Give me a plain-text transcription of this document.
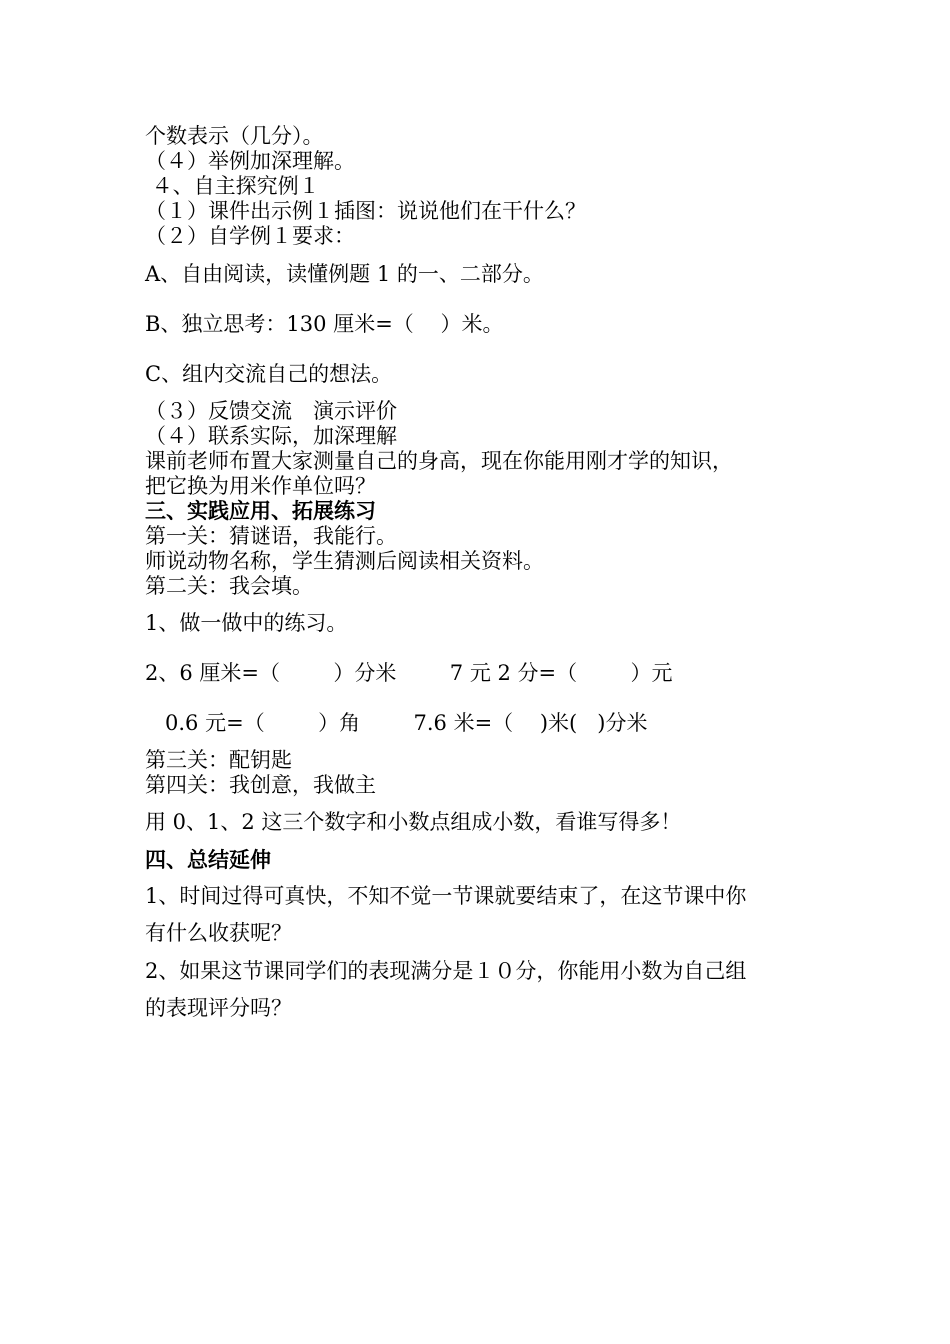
个数表示（几分）。
（４）举例加深理解。
４、自主探究例１
（１）课件出示例１插图：说说他们在干什么？
（２）自学例１要求：
A、自由阅读，读懂例题 1 的一、二部分。
B、独立思考：130 厘米=（    ）米。
C、组内交流自己的想法。
（３）反馈交流　演示评价
（４）联系实际，加深理解
课前老师布置大家测量自己的身高，现在你能用刚才学的知识，
把它换为用米作单位吗？
三、实践应用、拓展练习
第一关：猜谜语，我能行。
师说动物名称，学生猜测后阅读相关资料。
第二关：我会填。
1、做一做中的练习。
2、6 厘米=（        ）分米        7 元 2 分=（        ）元
0.6 元=（        ）角        7.6 米=（    )米(   )分米
第三关：配钥匙
第四关：我创意，我做主
用 0、1、2 这三个数字和小数点组成小数，看谁写得多！
四、总结延伸
1、时间过得可真快，不知不觉一节课就要结束了，在这节课中你
有什么收获呢？
2、如果这节课同学们的表现满分是１０分，你能用小数为自己组
的表现评分吗？
